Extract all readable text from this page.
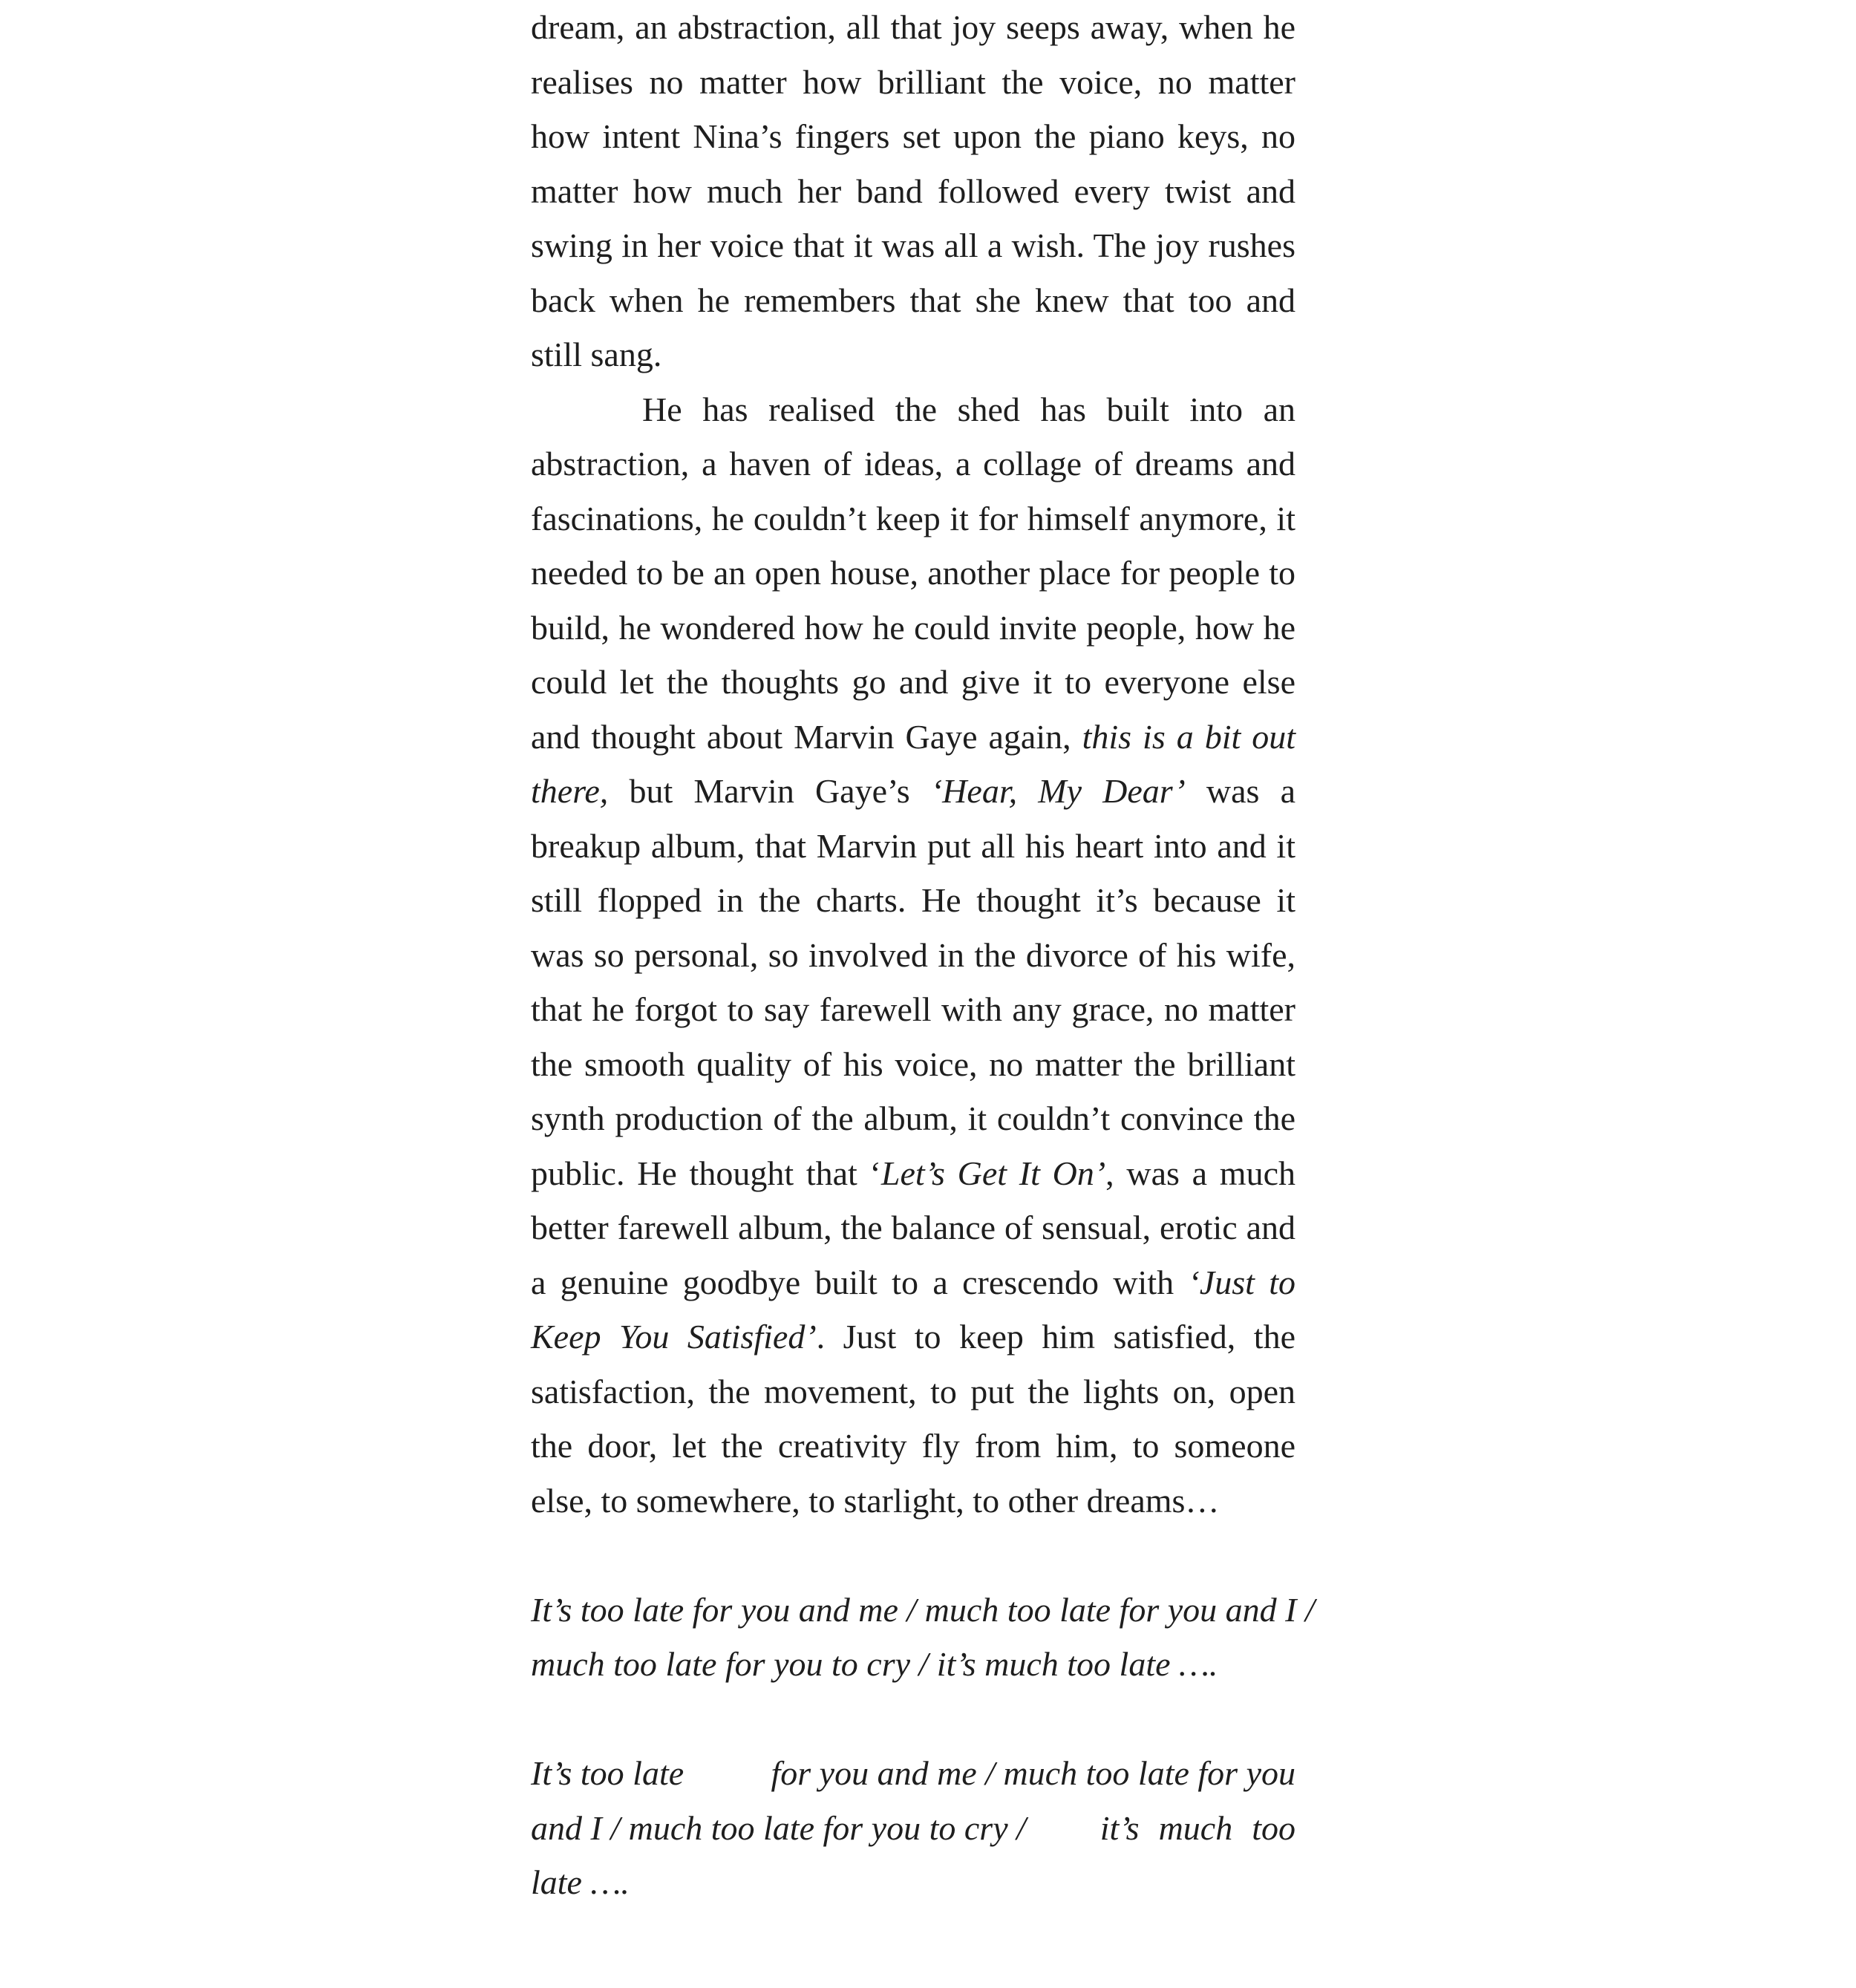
dream, an abstraction, all that joy seeps away, when he realises no matter how brilliant the voice, no matter how intent Nina’s fingers set upon the piano keys, no matter how much her band followed every twist and swing in her voice that it was all a wish. The joy rushes back when he remembers that she knew that too and still sang.

He has realised the shed has built into an abstraction, a haven of ideas, a collage of dreams and fascinations, he couldn’t keep it for himself anymore, it needed to be an open house, another place for people to build, he wondered how he could invite people, how he could let the thoughts go and give it to everyone else and thought about Marvin Gaye again, this is a bit out there, but Marvin Gaye’s ‘Hear, My Dear’ was a breakup album, that Marvin put all his heart into and it still flopped in the charts. He thought it’s because it was so personal, so involved in the divorce of his wife, that he forgot to say farewell with any grace, no matter the smooth quality of his voice, no matter the brilliant synth production of the album, it couldn’t convince the public. He thought that ‘Let’s Get It On’, was a much better farewell album, the balance of sensual, erotic and a genuine goodbye built to a crescendo with ‘Just to Keep You Satisfied’. Just to keep him satisfied, the satisfaction, the movement, to put the lights on, open the door, let the creativity fly from him, to someone else, to somewhere, to starlight, to other dreams…

It’s too late for you and me / much too late for you and I /
much too late for you to cry / it’s much too late ….

It’s too late	for you and me / much too late for you
and I / much too late for you to cry / it’s much too
late ….
